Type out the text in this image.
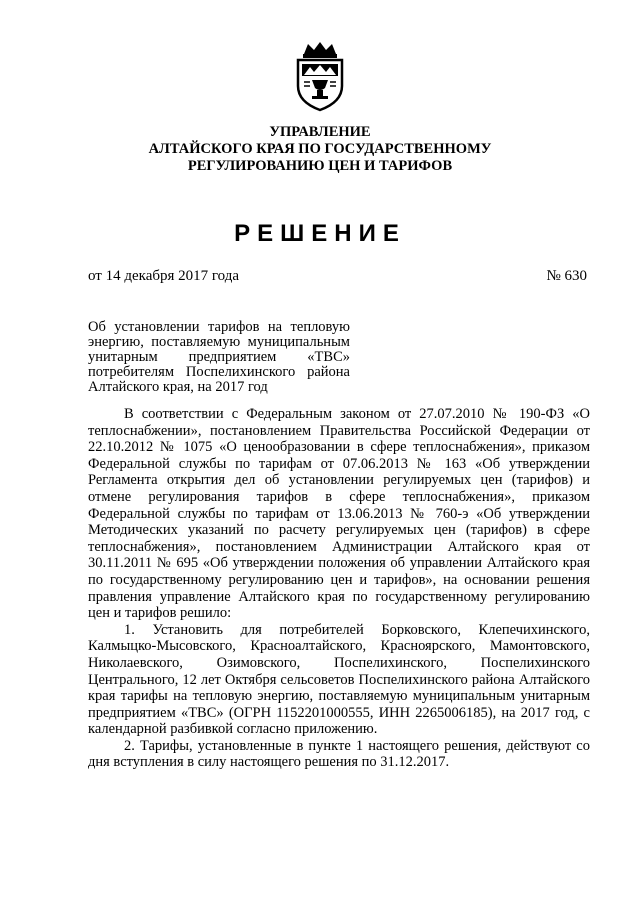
УПРАВЛЕНИЕ
АЛТАЙСКОГО КРАЯ ПО ГОСУДАРСТВЕННОМУ
РЕГУЛИРОВАНИЮ ЦЕН И ТАРИФОВ
РЕШЕНИЕ
от 14 декабря 2017 года	№ 630

Об установлении тарифов на тепловую энергию, поставляемую муниципальным унитарным предприятием «ТВС» потребителям Поспелихинского района Алтайского края, на 2017 год

В соответствии с Федеральным законом от 27.07.2010 № 190-ФЗ «О теплоснабжении», постановлением Правительства Российской Федерации от 22.10.2012 № 1075 «О ценообразовании в сфере теплоснабжения», приказом Федеральной службы по тарифам от 07.06.2013 № 163 «Об утверждении Регламента открытия дел об установлении регулируемых цен (тарифов) и отмене регулирования тарифов в сфере теплоснабжения», приказом Федеральной службы по тарифам от 13.06.2013 № 760-э «Об утверждении Методических указаний по расчету регулируемых цен (тарифов) в сфере теплоснабжения», постановлением Администрации Алтайского края от 30.11.2011 № 695 «Об утверждении положения об управлении Алтайского края по государственному регулированию цен и тарифов», на основании решения правления управление Алтайского края по государственному регулированию цен и тарифов решило:

1. Установить для потребителей Борковского, Клепечихинского, Калмыцко-Мысовского, Красноалтайского, Красноярского, Мамонтовского, Николаевского, Озимовского, Поспелихинского, Поспелихинского Центрального, 12 лет Октября сельсоветов Поспелихинского района Алтайского края тарифы на тепловую энергию, поставляемую муниципальным унитарным предприятием «ТВС» (ОГРН 1152201000555, ИНН 2265006185), на 2017 год, с календарной разбивкой согласно приложению.

2. Тарифы, установленные в пункте 1 настоящего решения, действуют со дня вступления в силу настоящего решения по 31.12.2017.
